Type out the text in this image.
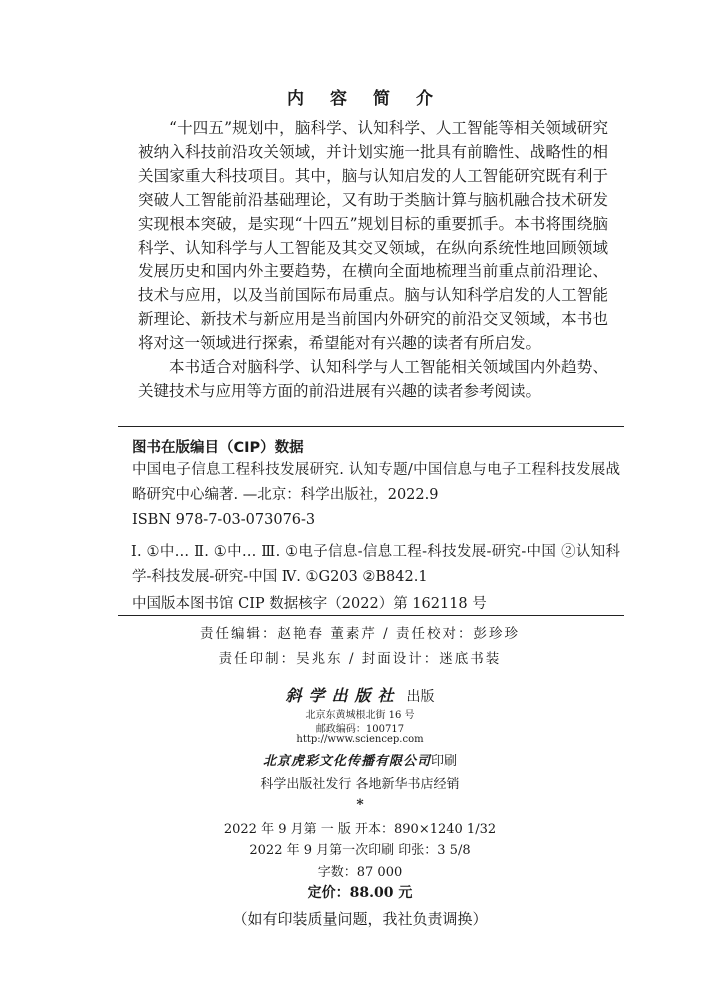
内容简介

“十四五”规划中，脑科学、认知科学、人工智能等相关领域研究被纳入科技前沿攻关领域，并计划实施一批具有前瞻性、战略性的相关国家重大科技项目。其中，脑与认知启发的人工智能研究既有利于突破人工智能前沿基础理论，又有助于类脑计算与脑机融合技术研发实现根本突破，是实现“十四五”规划目标的重要抓手。本书将围绕脑科学、认知科学与人工智能及其交叉领域，在纵向系统性地回顾领域发展历史和国内外主要趋势，在横向全面地梳理当前重点前沿理论、技术与应用，以及当前国际布局重点。脑与认知科学启发的人工智能新理论、新技术与新应用是当前国内外研究的前沿交叉领域，本书也将对这一领域进行探索，希望能对有兴趣的读者有所启发。

本书适合对脑科学、认知科学与人工智能相关领域国内外趋势、关键技术与应用等方面的前沿进展有兴趣的读者参考阅读。

图书在版编目（CIP）数据

中国电子信息工程科技发展研究. 认知专题/中国信息与电子工程科技发展战略研究中心编著. —北京：科学出版社，2022.9

ISBN 978-7-03-073076-3

Ⅰ. ①中… Ⅱ. ①中… Ⅲ. ①电子信息-信息工程-科技发展-研究-中国 ②认知科学-科技发展-研究-中国 Ⅳ. ①G203 ②B842.1

中国版本图书馆 CIP 数据核字（2022）第 162118 号
责任编辑：赵艳春 董素芹 / 责任校对：彭珍珍
责任印制：吴兆东 / 封面设计：迷底书装
斜学出版社 出版
北京东黄城根北街 16 号
邮政编码：100717
http://www.sciencep.com
北京虎彩文化传播有限公司印刷
科学出版社发行 各地新华书店经销
*
2022 年 9 月第 一 版 开本：890×1240 1/32
2022 年 9 月第一次印刷 印张：3 5/8
字数：87 000
定价：88.00 元
（如有印装质量问题，我社负责调换）
